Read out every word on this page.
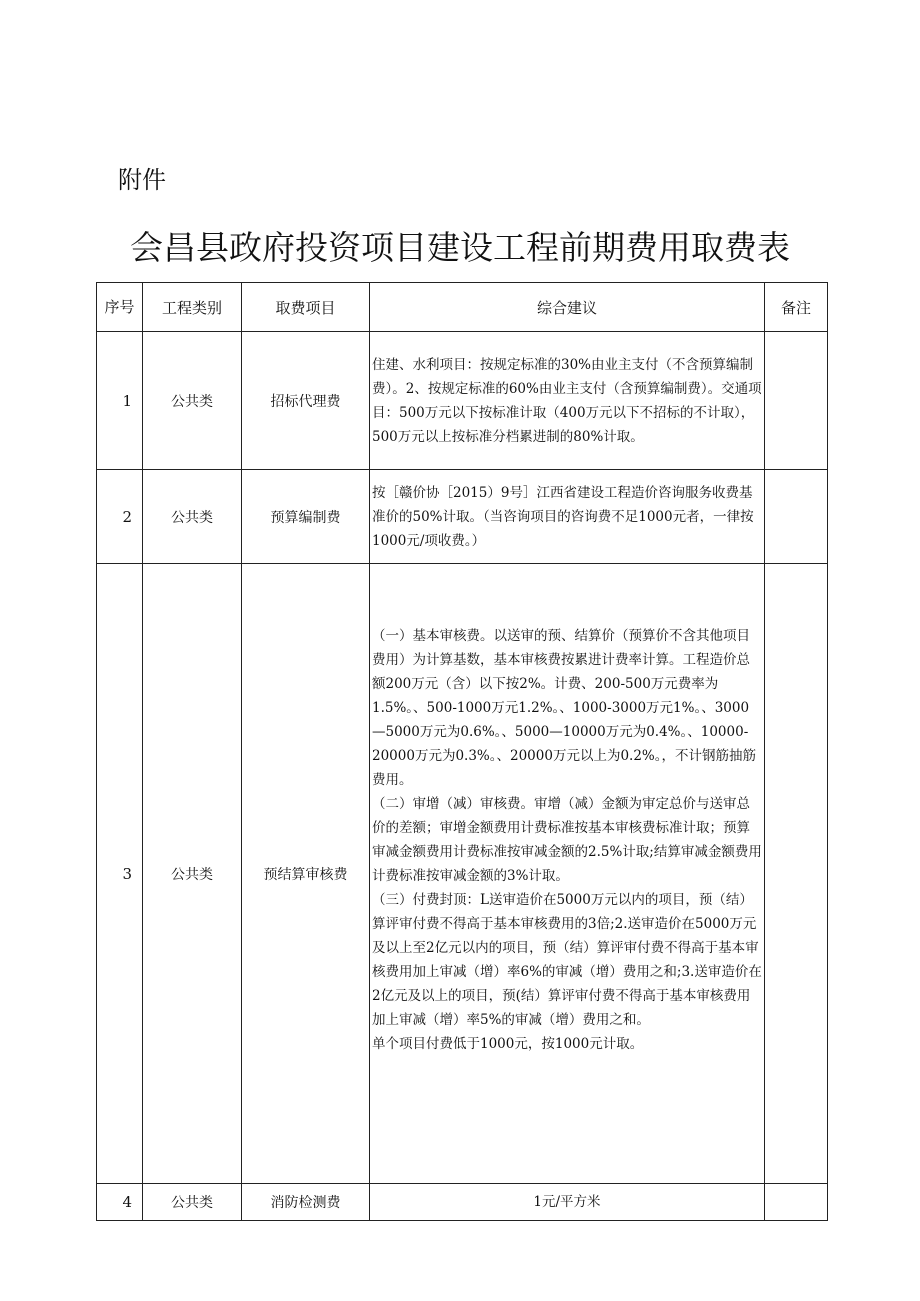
附件
会昌县政府投资项目建设工程前期费用取费表
序号	工程类别	取费项目	综合建议	备注
1	公共类	招标代理费	住建、水利项目：按规定标准的30%由业主支付（不含预算编制费）。2、按规定标准的60%由业主支付（含预算编制费）。交通项目：500万元以下按标准计取（400万元以下不招标的不计取），500万元以上按标准分档累进制的80%计取。	

2	公共类	预算编制费	按［赣价协［2015）9号］江西省建设工程造价咨询服务收费基准价的50%计取。（当咨询项目的咨询费不足1000元者，一律按1000元/项收费。）	

3	公共类	预结算审核费	（一）基本审核费。以送审的预、结算价（预算价不含其他项目费用）为计算基数，基本审核费按累进计费率计算。工程造价总额200万元（含）以下按2%。计费、200-500万元费率为1.5%。、500-1000万元1.2%。、1000-3000万元1%。、3000—5000万元为0.6%。、5000—10000万元为0.4%。、10000-20000万元为0.3%。、20000万元以上为0.2%。，不计钢筋抽筋费用。

（二）审增（减）审核费。审增（减）金额为审定总价与送审总价的差额；审增金额费用计费标准按基本审核费标准计取；预算审减金额费用计费标准按审减金额的2.5%计取;结算审减金额费用计费标准按审减金额的3%计取。

（三）付费封顶：L送审造价在5000万元以内的项目，预（结）算评审付费不得高于基本审核费用的3倍;2.送审造价在5000万元及以上至2亿元以内的项目，预（结）算评审付费不得高于基本审核费用加上审减（增）率6%的审减（增）费用之和;3.送审造价在2亿元及以上的项目，预(结）算评审付费不得高于基本审核费用加上审减（增）率5%的审减（增）费用之和。

单个项目付费低于1000元，按1000元计取。	

4	公共类	消防检测费	1元/平方米	
